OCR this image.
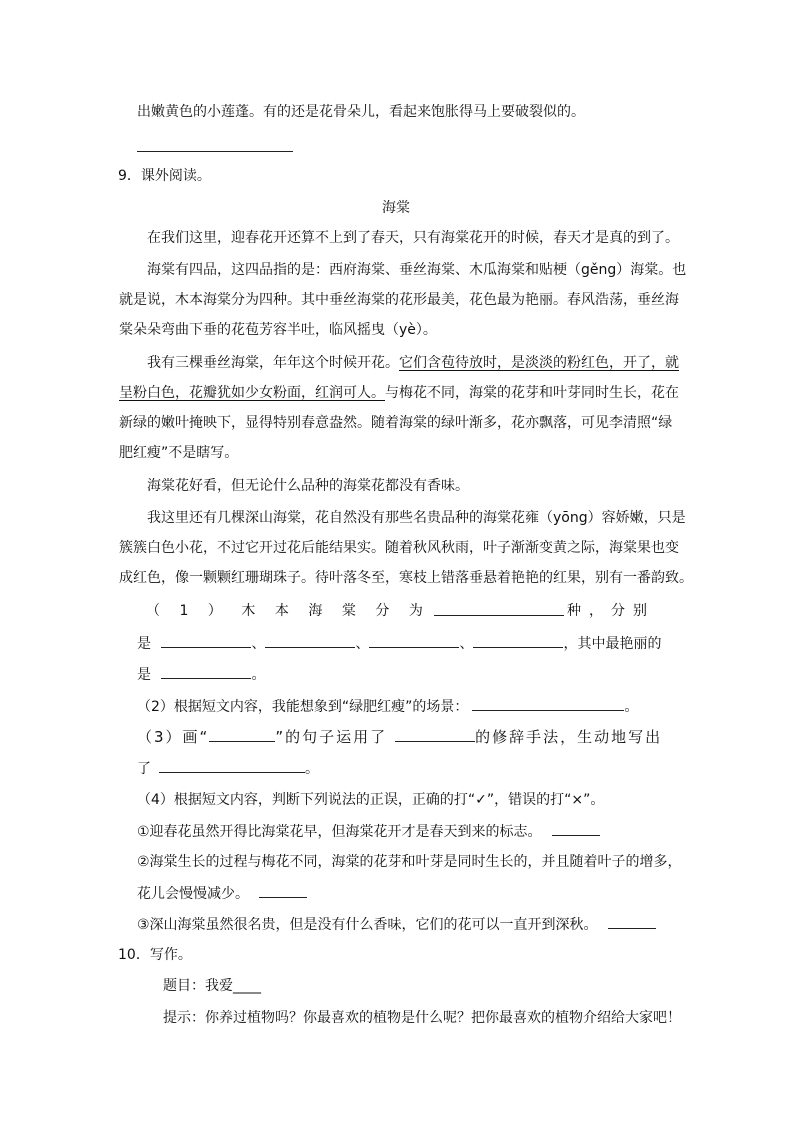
出嫩黄色的小莲蓬。有的还是花骨朵儿，看起来饱胀得马上要破裂似的。
9．课外阅读。
海棠
在我们这里，迎春花开还算不上到了春天，只有海棠花开的时候，春天才是真的到了。
海棠有四品，这四品指的是：西府海棠、垂丝海棠、木瓜海棠和贴梗（gěng）海棠。也
就是说，木本海棠分为四种。其中垂丝海棠的花形最美，花色最为艳丽。春风浩荡，垂丝海
棠朵朵弯曲下垂的花苞芳容半吐，临风摇曳（yè）。
我有三棵垂丝海棠，年年这个时候开花。它们含苞待放时，是淡淡的粉红色，开了，就
呈粉白色，花瓣犹如少女粉面，红润可人。与梅花不同，海棠的花芽和叶芽同时生长，花在
新绿的嫩叶掩映下，显得特别春意盎然。随着海棠的绿叶渐多，花亦飘落，可见李清照“绿
肥红瘦”不是瞎写。
海棠花好看，但无论什么品种的海棠花都没有香味。
我这里还有几棵深山海棠，花自然没有那些名贵品种的海棠花雍（yōng）容娇嫩，只是
簇簇白色小花，不过它开过花后能结果实。随着秋风秋雨，叶子渐渐变黄之际，海棠果也变
成红色，像一颗颗红珊瑚珠子。待叶落冬至，寒枝上错落垂悬着艳艳的红果，别有一番韵致。
（ 1 ） 木 本 海 棠 分 为	种 ， 分 别
是	、	、	、	，其中最艳丽的
是	。
（2）根据短文内容，我能想象到“绿肥红瘦”的场景：	。
（3）画“	”的句子运用了	的修辞手法，生动地写出
了	。
（4）根据短文内容，判断下列说法的正误，正确的打“✓”，错误的打“×”。
①迎春花虽然开得比海棠花早，但海棠花开才是春天到来的标志。
②海棠生长的过程与梅花不同，海棠的花芽和叶芽是同时生长的，并且随着叶子的增多，
花儿会慢慢减少。
③深山海棠虽然很名贵，但是没有什么香味，它们的花可以一直开到深秋。
10．写作。
题目：我爱____
提示：你养过植物吗？你最喜欢的植物是什么呢？把你最喜欢的植物介绍给大家吧！
